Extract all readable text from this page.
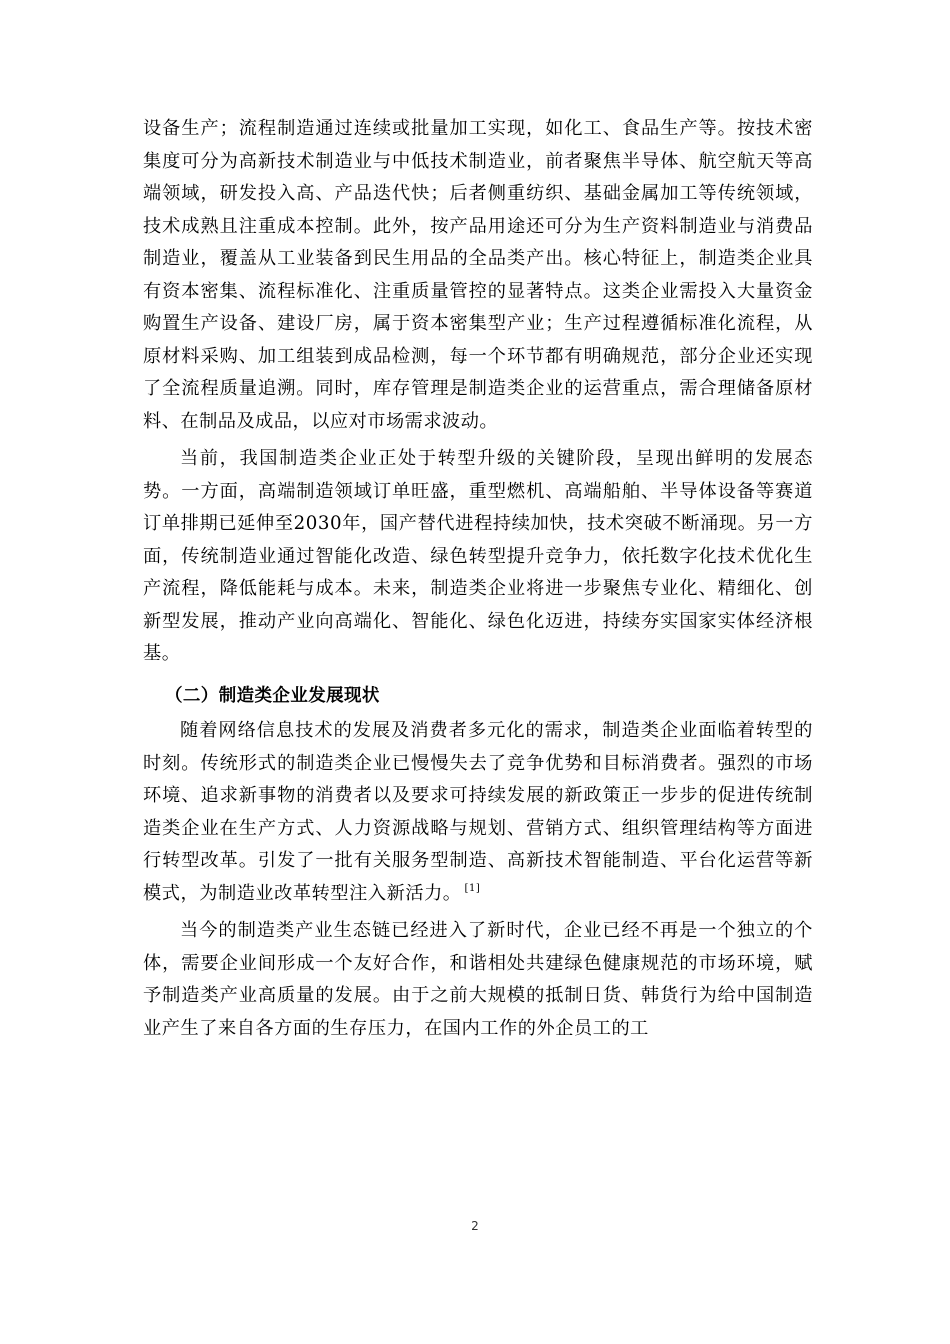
设备生产；流程制造通过连续或批量加工实现，如化工、食品生产等。按技术密集度可分为高新技术制造业与中低技术制造业，前者聚焦半导体、航空航天等高端领域，研发投入高、产品迭代快；后者侧重纺织、基础金属加工等传统领域，技术成熟且注重成本控制。此外，按产品用途还可分为生产资料制造业与消费品制造业，覆盖从工业装备到民生用品的全品类产出。核心特征上，制造类企业具有资本密集、流程标准化、注重质量管控的显著特点。这类企业需投入大量资金购置生产设备、建设厂房，属于资本密集型产业；生产过程遵循标准化流程，从原材料采购、加工组装到成品检测，每一个环节都有明确规范，部分企业还实现了全流程质量追溯。同时，库存管理是制造类企业的运营重点，需合理储备原材料、在制品及成品，以应对市场需求波动。

当前，我国制造类企业正处于转型升级的关键阶段，呈现出鲜明的发展态势。一方面，高端制造领域订单旺盛，重型燃机、高端船舶、半导体设备等赛道订单排期已延伸至2030年，国产替代进程持续加快，技术突破不断涌现。另一方面，传统制造业通过智能化改造、绿色转型提升竞争力，依托数字化技术优化生产流程，降低能耗与成本。未来，制造类企业将进一步聚焦专业化、精细化、创新型发展，推动产业向高端化、智能化、绿色化迈进，持续夯实国家实体经济根基。

（二）制造类企业发展现状

随着网络信息技术的发展及消费者多元化的需求，制造类企业面临着转型的时刻。传统形式的制造类企业已慢慢失去了竞争优势和目标消费者。强烈的市场环境、追求新事物的消费者以及要求可持续发展的新政策正一步步的促进传统制造类企业在生产方式、人力资源战略与规划、营销方式、组织管理结构等方面进行转型改革。引发了一批有关服务型制造、高新技术智能制造、平台化运营等新模式，为制造业改革转型注入新活力。 [1]

当今的制造类产业生态链已经进入了新时代，企业已经不再是一个独立的个体，需要企业间形成一个友好合作，和谐相处共建绿色健康规范的市场环境，赋予制造类产业高质量的发展。由于之前大规模的抵制日货、韩货行为给中国制造业产生了来自各方面的生存压力，在国内工作的外企员工的工

2
